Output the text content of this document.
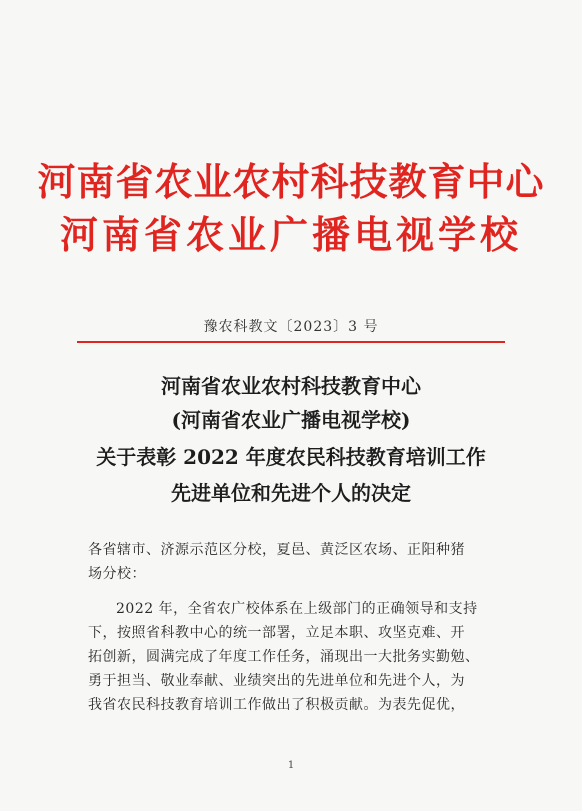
河南省农业农村科技教育中心
河南省农业广播电视学校
豫农科教文〔2023〕3 号
河南省农业农村科技教育中心
(河南省农业广播电视学校)
关于表彰 2022 年度农民科技教育培训工作
先进单位和先进个人的决定
各省辖市、济源示范区分校，夏邑、黄泛区农场、正阳种猪
场分校：
2022 年，全省农广校体系在上级部门的正确领导和支持
下，按照省科教中心的统一部署，立足本职、攻坚克难、开
拓创新，圆满完成了年度工作任务，涌现出一大批务实勤勉、
勇于担当、敬业奉献、业绩突出的先进单位和先进个人，为
我省农民科技教育培训工作做出了积极贡献。为表先促优，
1
